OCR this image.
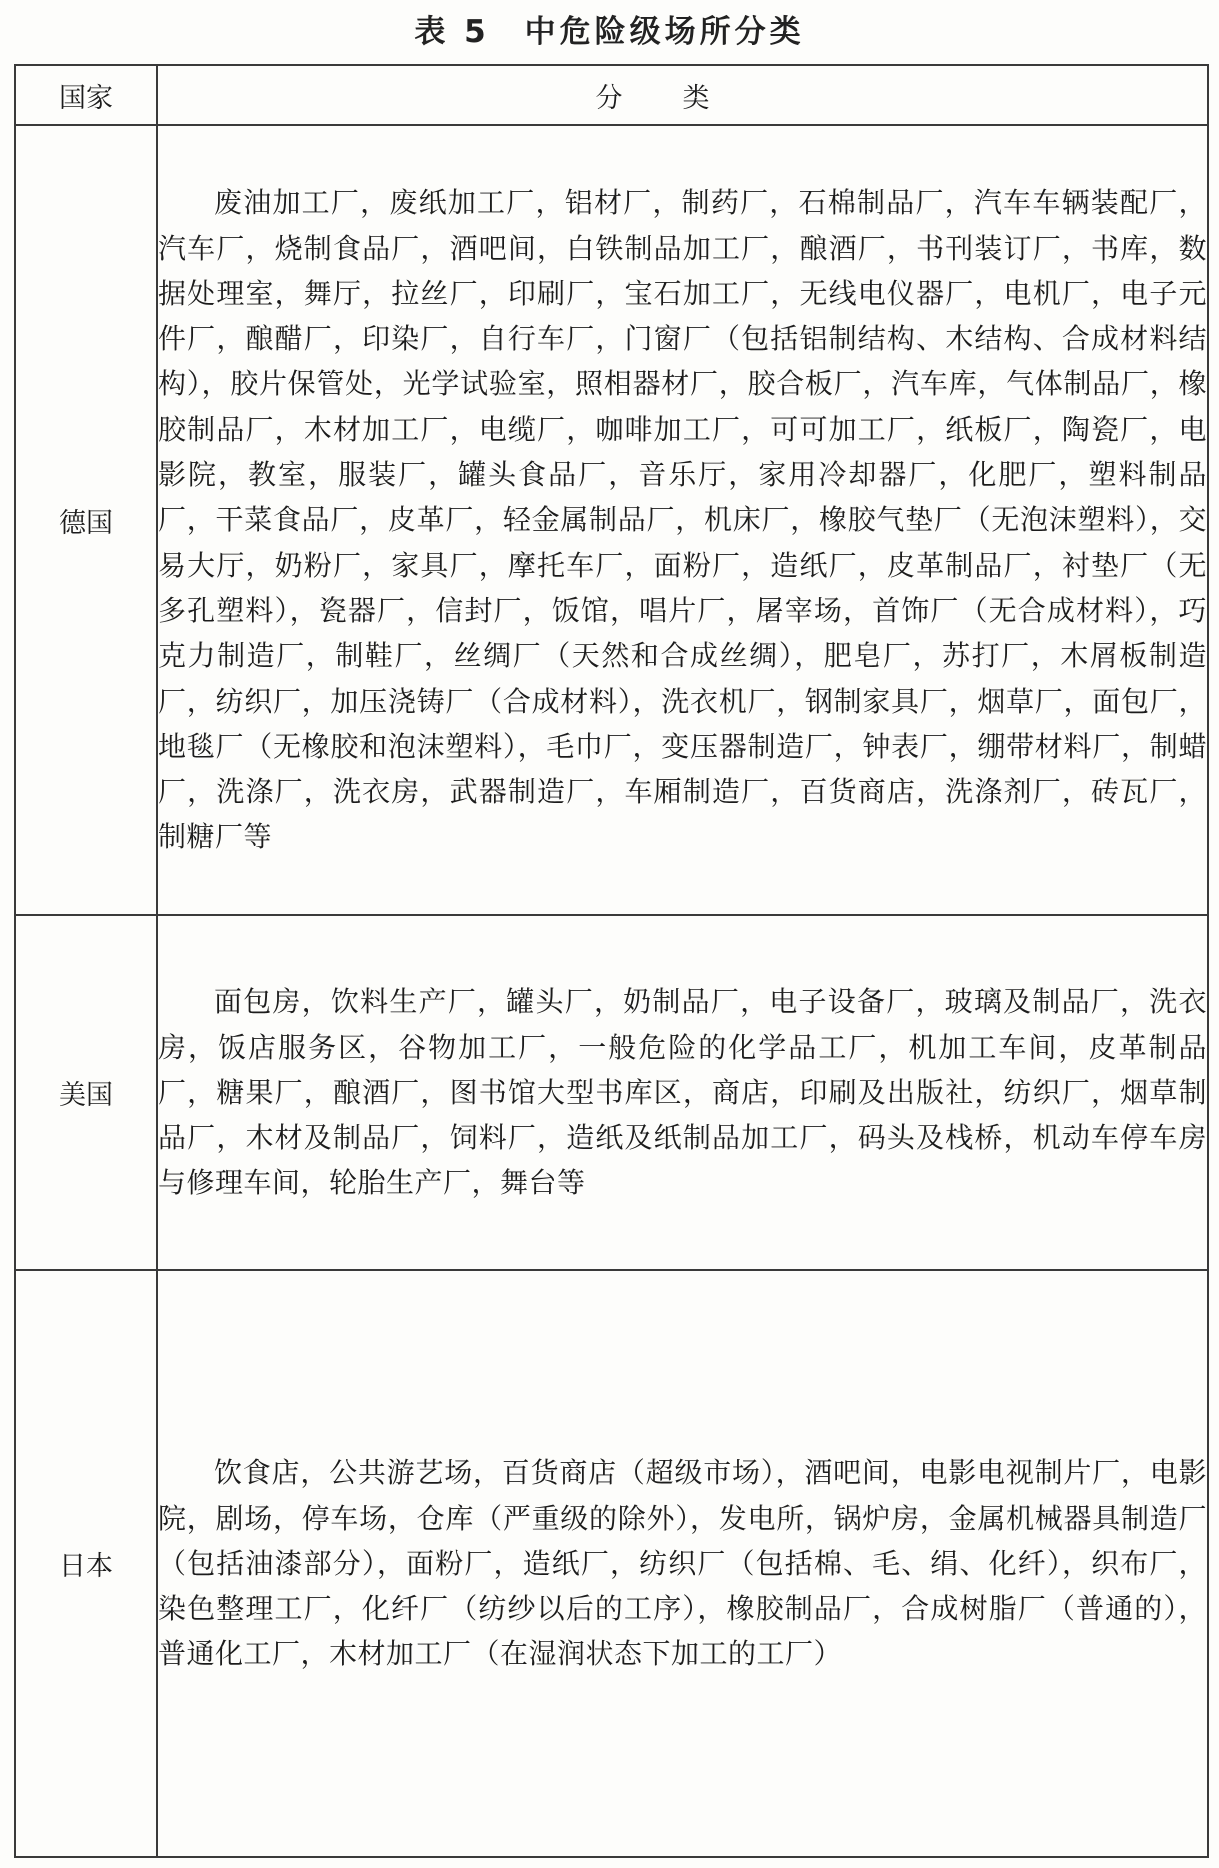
表 5　中危险级场所分类
国家	分类
德国	废油加工厂，废纸加工厂，铝材厂，制药厂，石棉制品厂，汽车车辆装配厂，汽车厂，烧制食品厂，酒吧间，白铁制品加工厂，酿酒厂，书刊装订厂，书库，数据处理室，舞厅，拉丝厂，印刷厂，宝石加工厂，无线电仪器厂，电机厂，电子元件厂，酿醋厂，印染厂，自行车厂，门窗厂（包括铝制结构、木结构、合成材料结构），胶片保管处，光学试验室，照相器材厂，胶合板厂，汽车库，气体制品厂，橡胶制品厂，木材加工厂，电缆厂，咖啡加工厂，可可加工厂，纸板厂，陶瓷厂，电影院，教室，服装厂，罐头食品厂，音乐厅，家用冷却器厂，化肥厂，塑料制品厂，干菜食品厂，皮革厂，轻金属制品厂，机床厂，橡胶气垫厂（无泡沫塑料），交易大厅，奶粉厂，家具厂，摩托车厂，面粉厂，造纸厂，皮革制品厂，衬垫厂（无多孔塑料），瓷器厂，信封厂，饭馆，唱片厂，屠宰场，首饰厂（无合成材料），巧克力制造厂，制鞋厂，丝绸厂（天然和合成丝绸），肥皂厂，苏打厂，木屑板制造厂，纺织厂，加压浇铸厂（合成材料），洗衣机厂，钢制家具厂，烟草厂，面包厂，地毯厂（无橡胶和泡沫塑料），毛巾厂，变压器制造厂，钟表厂，绷带材料厂，制蜡厂，洗涤厂，洗衣房，武器制造厂，车厢制造厂，百货商店，洗涤剂厂，砖瓦厂，制糖厂等

美国	面包房，饮料生产厂，罐头厂，奶制品厂，电子设备厂，玻璃及制品厂，洗衣房，饭店服务区，谷物加工厂，一般危险的化学品工厂，机加工车间，皮革制品厂，糖果厂，酿酒厂，图书馆大型书库区，商店，印刷及出版社，纺织厂，烟草制品厂，木材及制品厂，饲料厂，造纸及纸制品加工厂，码头及栈桥，机动车停车房与修理车间，轮胎生产厂，舞台等

日本	饮食店，公共游艺场，百货商店（超级市场），酒吧间，电影电视制片厂，电影院，剧场，停车场，仓库（严重级的除外），发电所，锅炉房，金属机械器具制造厂（包括油漆部分），面粉厂，造纸厂，纺织厂（包括棉、毛、绢、化纤），织布厂，染色整理工厂，化纤厂（纺纱以后的工序），橡胶制品厂，合成树脂厂（普通的），普通化工厂，木材加工厂（在湿润状态下加工的工厂）
